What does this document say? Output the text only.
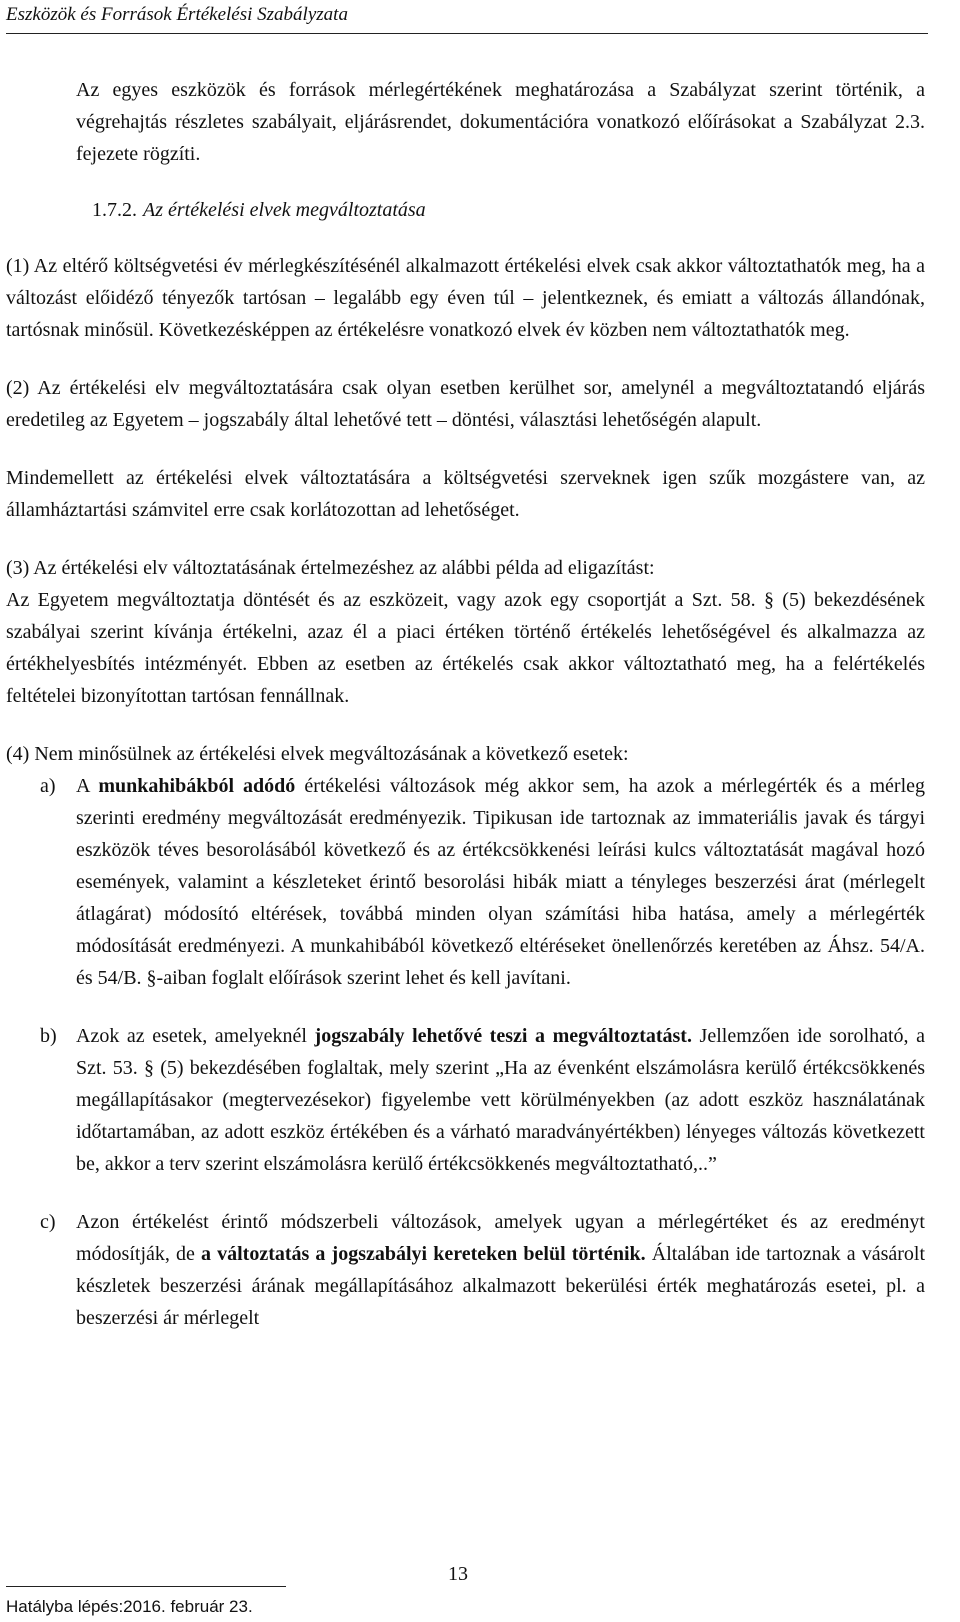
Eszközök és Források Értékelési Szabályzata

Az egyes eszközök és források mérlegértékének meghatározása a Szabályzat szerint történik, a végrehajtás részletes szabályait, eljárásrendet, dokumentációra vonatkozó előírásokat a Szabályzat 2.3. fejezete rögzíti.

1.7.2. Az értékelési elvek megváltoztatása

(1) Az eltérő költségvetési év mérlegkészítésénél alkalmazott értékelési elvek csak akkor változtathatók meg, ha a változást előidéző tényezők tartósan – legalább egy éven túl – jelentkeznek, és emiatt a változás állandónak, tartósnak minősül. Következésképpen az értékelésre vonatkozó elvek év közben nem változtathatók meg.

(2) Az értékelési elv megváltoztatására csak olyan esetben kerülhet sor, amelynél a megváltoztatandó eljárás eredetileg az Egyetem – jogszabály által lehetővé tett – döntési, választási lehetőségén alapult.

Mindemellett az értékelési elvek változtatására a költségvetési szerveknek igen szűk mozgástere van, az államháztartási számvitel erre csak korlátozottan ad lehetőséget.

(3) Az értékelési elv változtatásának értelmezéshez az alábbi példa ad eligazítást:

Az Egyetem megváltoztatja döntését és az eszközeit, vagy azok egy csoportját a Szt. 58. § (5) bekezdésének szabályai szerint kívánja értékelni, azaz él a piaci értéken történő értékelés lehetőségével és alkalmazza az értékhelyesbítés intézményét. Ebben az esetben az értékelés csak akkor változtatható meg, ha a felértékelés feltételei bizonyítottan tartósan fennállnak.

(4) Nem minősülnek az értékelési elvek megváltozásának a következő esetek:

a) A munkahibákból adódó értékelési változások még akkor sem, ha azok a mérlegérték és a mérleg szerinti eredmény megváltozását eredményezik. Tipikusan ide tartoznak az immateriális javak és tárgyi eszközök téves besorolásából következő és az értékcsökkenési leírási kulcs változtatását magával hozó események, valamint a készleteket érintő besorolási hibák miatt a tényleges beszerzési árat (mérlegelt átlagárat) módosító eltérések, továbbá minden olyan számítási hiba hatása, amely a mérlegérték módosítását eredményezi. A munkahibából következő eltéréseket önellenőrzés keretében az Áhsz. 54/A. és 54/B. §-aiban foglalt előírások szerint lehet és kell javítani.
b) Azok az esetek, amelyeknél jogszabály lehetővé teszi a megváltoztatást. Jellemzően ide sorolható, a Szt. 53. § (5) bekezdésében foglaltak, mely szerint „Ha az évenként elszámolásra kerülő értékcsökkenés megállapításakor (megtervezésekor) figyelembe vett körülményekben (az adott eszköz használatának időtartamában, az adott eszköz értékében és a várható maradványértékben) lényeges változás következett be, akkor a terv szerint elszámolásra kerülő értékcsökkenés megváltoztatható,..”
c) Azon értékelést érintő módszerbeli változások, amelyek ugyan a mérlegértéket és az eredményt módosítják, de a változtatás a jogszabályi kereteken belül történik. Általában ide tartoznak a vásárolt készletek beszerzési árának megállapításához alkalmazott bekerülési érték meghatározás esetei, pl. a beszerzési ár mérlegelt
13
Hatályba lépés:2016. február 23.
